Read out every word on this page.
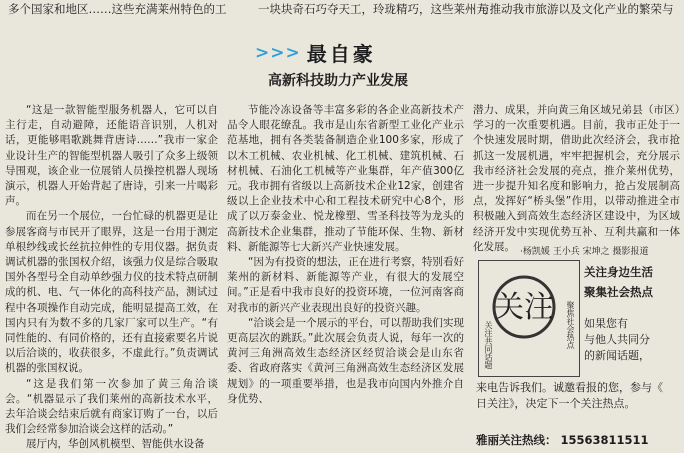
多个国家和地区……这些充满莱州特色的工	一块块奇石巧夺天工，玲珑精巧，这些莱州元
与推动我市旅游以及文化产业的繁荣与
>>> 最自豪
高新科技助力产业发展

“这是一款智能型服务机器人，它可以自主行走，自动避障，还能语音识别，人机对话，更能够唱歌跳舞背唐诗……”我市一家企业设计生产的智能型机器人吸引了众多上级领导围观，该企业一位展销人员操控机器人现场演示，机器人开始背起了唐诗，引来一片喝彩声。

而在另一个展位，一台忙碌的机器更是让参展客商与市民开了眼界，这是一台用于测定单根纱线或长丝抗拉伸性的专用仪器。据负责调试机器的张国权介绍，该强力仪是综合吸取国外各型号全自动单纱强力仪的技术特点研制成的机、电、气一体化的高科技产品，测试过程中各项操作自动完成，能明显提高工效，在国内只有为数不多的几家厂家可以生产。“有同性能的、有同价格的，还有直接索要名片说以后洽谈的，收获很多，不虚此行。”负责调试机器的张国权说。

“这是我们第一次参加了黄三角洽谈会。“机器显示了我们莱州的高新技术水平，去年洽谈会结束后就有商家订购了一台，以后我们会经常参加洽谈会这样的活动。”

展厅内，华创风机模型、智能供水设备

节能冷冻设备等丰富多彩的各企业高新技术产品令人眼花缭乱。我市是山东省新型工业化产业示范基地，拥有各类装备制造企业100多家，形成了以木工机械、农业机械、化工机械、建筑机械、石材机械、石油化工机械等产业集群，年产值300亿元。我市拥有省级以上高新技术企业12家，创建省级以上企业技术中心和工程技术研究中心8个，形成了以万泰金业、悦龙橡塑、雪圣科技等为龙头的高新技术企业集群，推动了节能环保、生物、新材料、新能源等七大新兴产业快速发展。

“因为有投资的想法，正在进行考察，特别看好莱州的新材料、新能源等产业，有很大的发展空间。”正是看中我市良好的投资环境，一位河南客商对我市的新兴产业表现出良好的投资兴趣。

“洽谈会是一个展示的平台，可以帮助我们实现更高层次的跳跃。”此次展会负责人说，每年一次的黄河三角洲高效生态经济区经贸洽谈会是山东省委、省政府落实《黄河三角洲高效生态经济区发展规划》的一项重要举措，也是我市向国内外推介自身优势、

潜力、成果，并向黄三角区域兄弟县（市区）学习的一次重要机遇。目前，我市正处于一个快速发展时期，借助此次经济会，我市抢抓这一发展机遇，牢牢把握机会，充分展示我市经济社会发展的亮点，推介莱州优势，进一步提升知名度和影响力，抢占发展制高点，发挥好“桥头堡”作用，以带动推进全市积极融入到高效生态经济区建设中，为区域经济开发中实现优势互补、互利共赢和一体化发展。 ·杨凯媛 王小兵 宋坤之 摄影报道
关注
关注共同话题	聚焦社会热点
关注身边生活
聚集社会热点
如果您有
与他人共同分
的新闻话题，
来电告诉我们。诚邀看报的您，参与《
日关注》，决定下一个关注热点。
雅丽关注热线： 15563811511
